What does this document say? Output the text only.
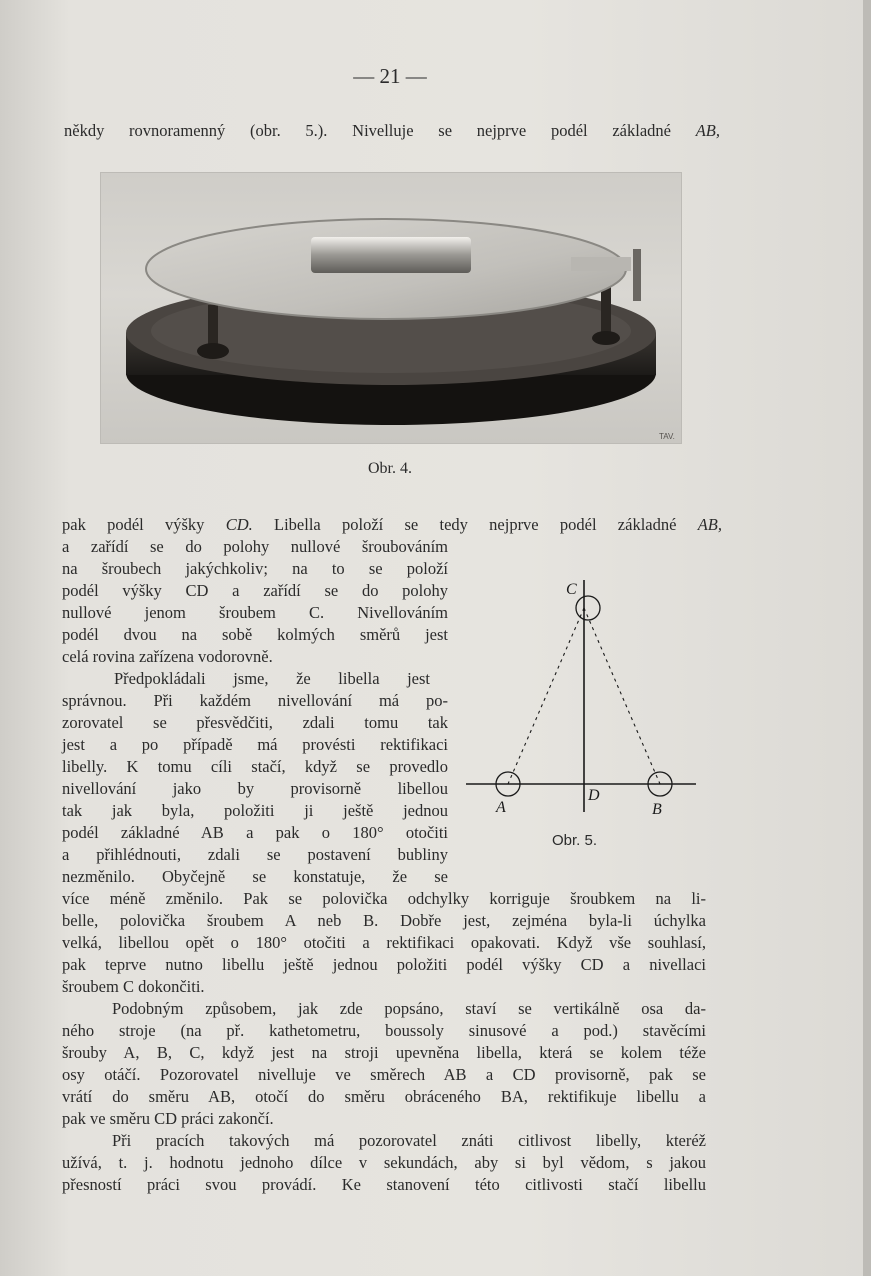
— 21 —
někdy rovnoramenný (obr. 5.). Nivelluje se nejprve podél základné AB,
TAV.
Obr. 4.
pak podél výšky CD. Libella položí se tedy nejprve podél základné AB,
a zařídí se do polohy nullové šroubováním
na šroubech jakýchkoliv; na to se položí
podél výšky CD a zařídí se do polohy
nullové jenom šroubem C. Nivellováním
podél dvou na sobě kolmých směrů jest
celá rovina zařízena vodorovně.
Předpokládali jsme, že libella jest
správnou. Při každém nivellování má po-
zorovatel se přesvědčiti, zdali tomu tak
jest a po případě má provésti rektifikaci
libelly. K tomu cíli stačí, když se provedlo
nivellování jako by provisorně libellou
tak jak byla, položiti ji ještě jednou
podél základné AB a pak o 180° otočiti
a přihlédnouti, zdali se postavení bubliny
nezměnilo. Obyčejně se konstatuje, že se
více méně změnilo. Pak se polovička odchylky korriguje šroubkem na li-
belle, polovička šroubem A neb B. Dobře jest, zejména byla-li úchylka
velká, libellou opět o 180° otočiti a rektifikaci opakovati. Když vše souhlasí,
pak teprve nutno libellu ještě jednou položiti podél výšky CD a nivellaci
šroubem C dokončiti.
Podobným způsobem, jak zde popsáno, staví se vertikálně osa da-
ného stroje (na př. kathetometru, boussoly sinusové a pod.) stavěcími
šrouby A, B, C, když jest na stroji upevněna libella, která se kolem téže
osy otáčí. Pozorovatel nivelluje ve směrech AB a CD provisorně, pak se
vrátí do směru AB, otočí do směru obráceného BA, rektifikuje libellu a
pak ve směru CD práci zakončí.
Při pracích takových má pozorovatel znáti citlivost libelly, kteréž
užívá, t. j. hodnotu jednoho dílce v sekundách, aby si byl vědom, s jakou
přesností práci svou provádí. Ke stanovení této citlivosti stačí libellu
C
D
A	B
Obr. 5.
